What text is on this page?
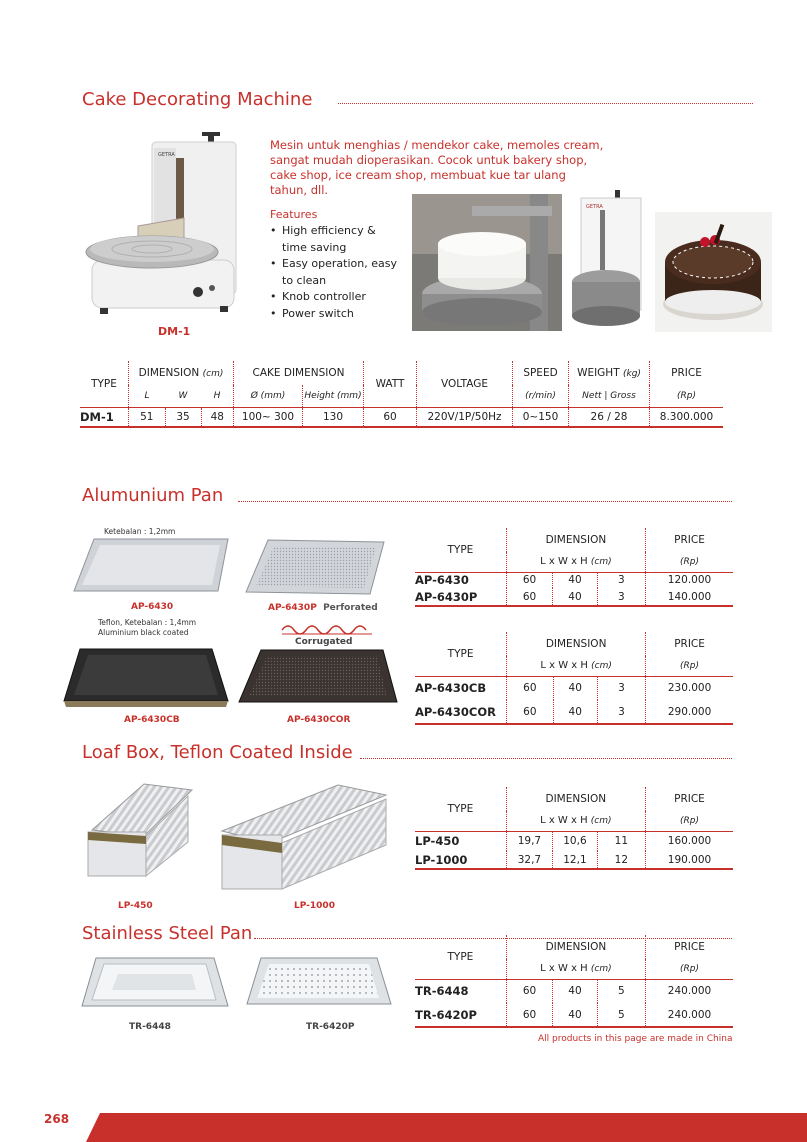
Cake Decorating Machine
GETRA
DM-1
Mesin untuk menghias / mendekor cake, memoles cream, sangat mudah dioperasikan. Cocok untuk bakery shop, cake shop, ice cream shop, membuat kue tar ulang tahun, dll.
Features
• High efficiency & time saving
• Easy operation, easy to clean
• Knob controller
• Power switch
GETRA
TYPE	DIMENSION (cm)			CAKE DIMENSION		WATT	VOLTAGE	SPEED	WEIGHT (kg)	PRICE
	L	W	H	Ø (mm)	Height (mm)			(r/min)	Nett | Gross	(Rp)
DM-1	51	35	48	100~ 300	130	60	220V/1P/50Hz	0~150	26 / 28	8.300.000
Alumunium Pan
Ketebalan : 1,2mm
AP-6430	AP-6430P Perforated
Teflon, Ketebalan : 1,4mm
Aluminium black coated
Corrugated
AP-6430CB	AP-6430COR
TYPE	DIMENSION			PRICE
	L x W x H (cm)			(Rp)
AP-6430	60	40	3	120.000
AP-6430P	60	40	3	140.000
TYPE	DIMENSION			PRICE
	L x W x H (cm)			(Rp)
AP-6430CB	60	40	3	230.000
AP-6430COR	60	40	3	290.000
Loaf Box, Teflon Coated Inside
LP-450	LP-1000
TYPE	DIMENSION			PRICE
	L x W x H (cm)			(Rp)
LP-450	19,7	10,6	11	160.000
LP-1000	32,7	12,1	12	190.000
Stainless Steel Pan
TR-6448	TR-6420P
TYPE	DIMENSION			PRICE
	L x W x H (cm)			(Rp)
TR-6448	60	40	5	240.000
TR-6420P	60	40	5	240.000
All products in this page are made in China
268
